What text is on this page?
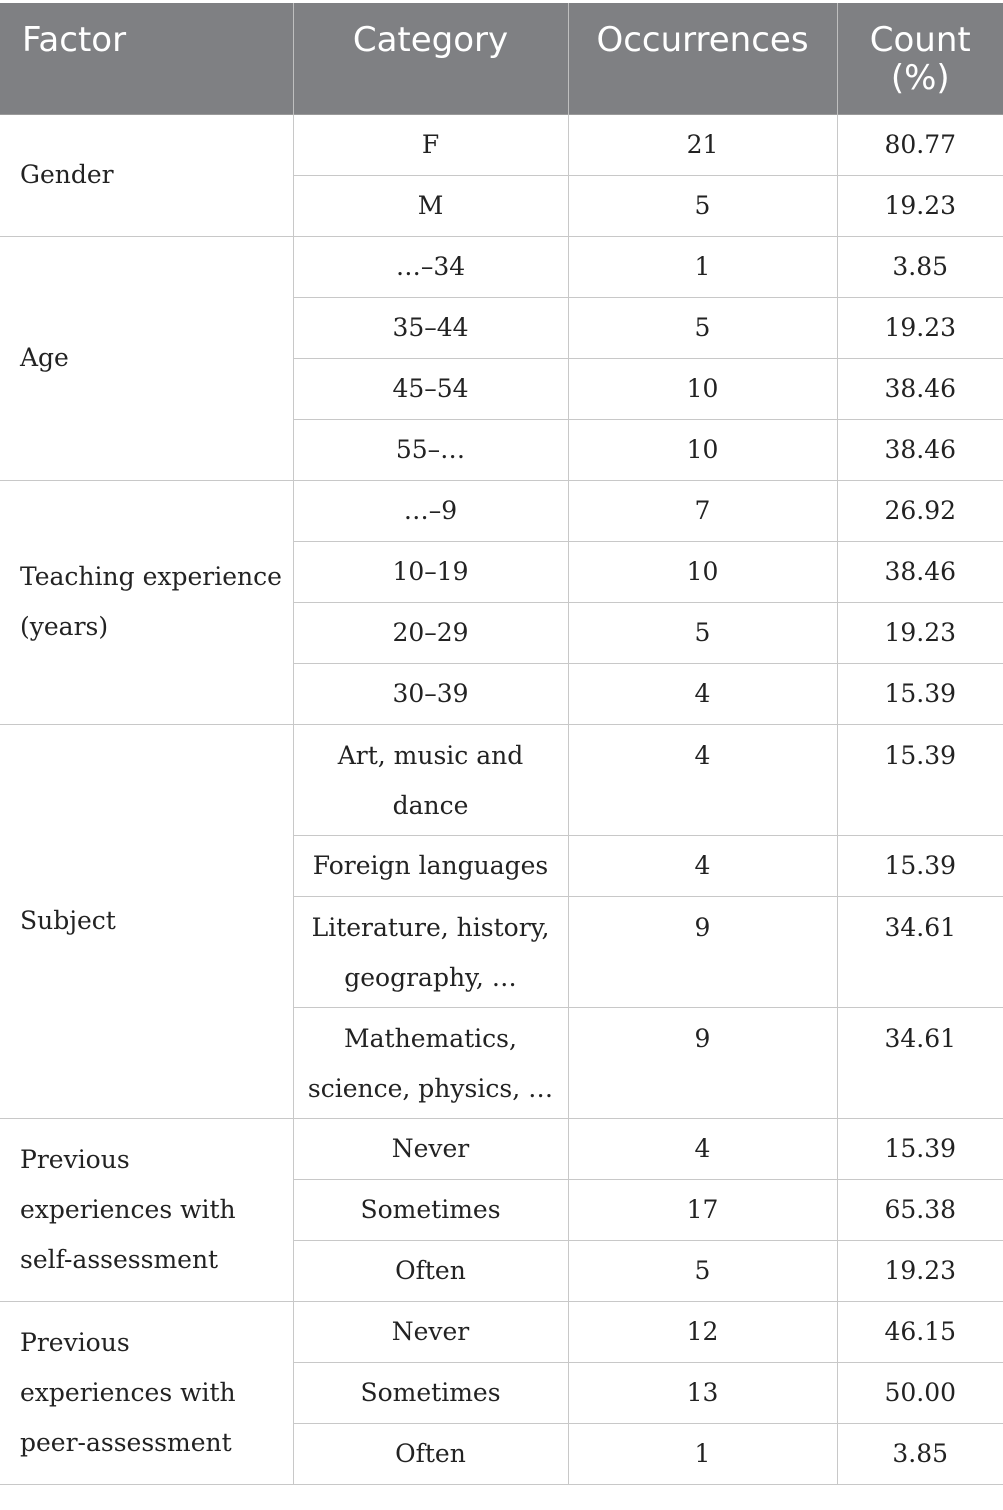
Factor	Category	Occurrences	Count (%)
Gender	F	21	80.77
	M	5	19.23
Age	…–34	1	3.85
	35–44	5	19.23
	45–54	10	38.46
	55–…	10	38.46
Teaching experience (years)	…–9	7	26.92
	10–19	10	38.46
	20–29	5	19.23
	30–39	4	15.39
Subject	Art, music and dance	4	15.39
	Foreign languages	4	15.39
	Literature, history, geography, …	9	34.61
	Mathematics, science, physics, …	9	34.61
Previous experiences with self-assessment	Never	4	15.39
	Sometimes	17	65.38
	Often	5	19.23
Previous experiences with peer-assessment	Never	12	46.15
	Sometimes	13	50.00
	Often	1	3.85
